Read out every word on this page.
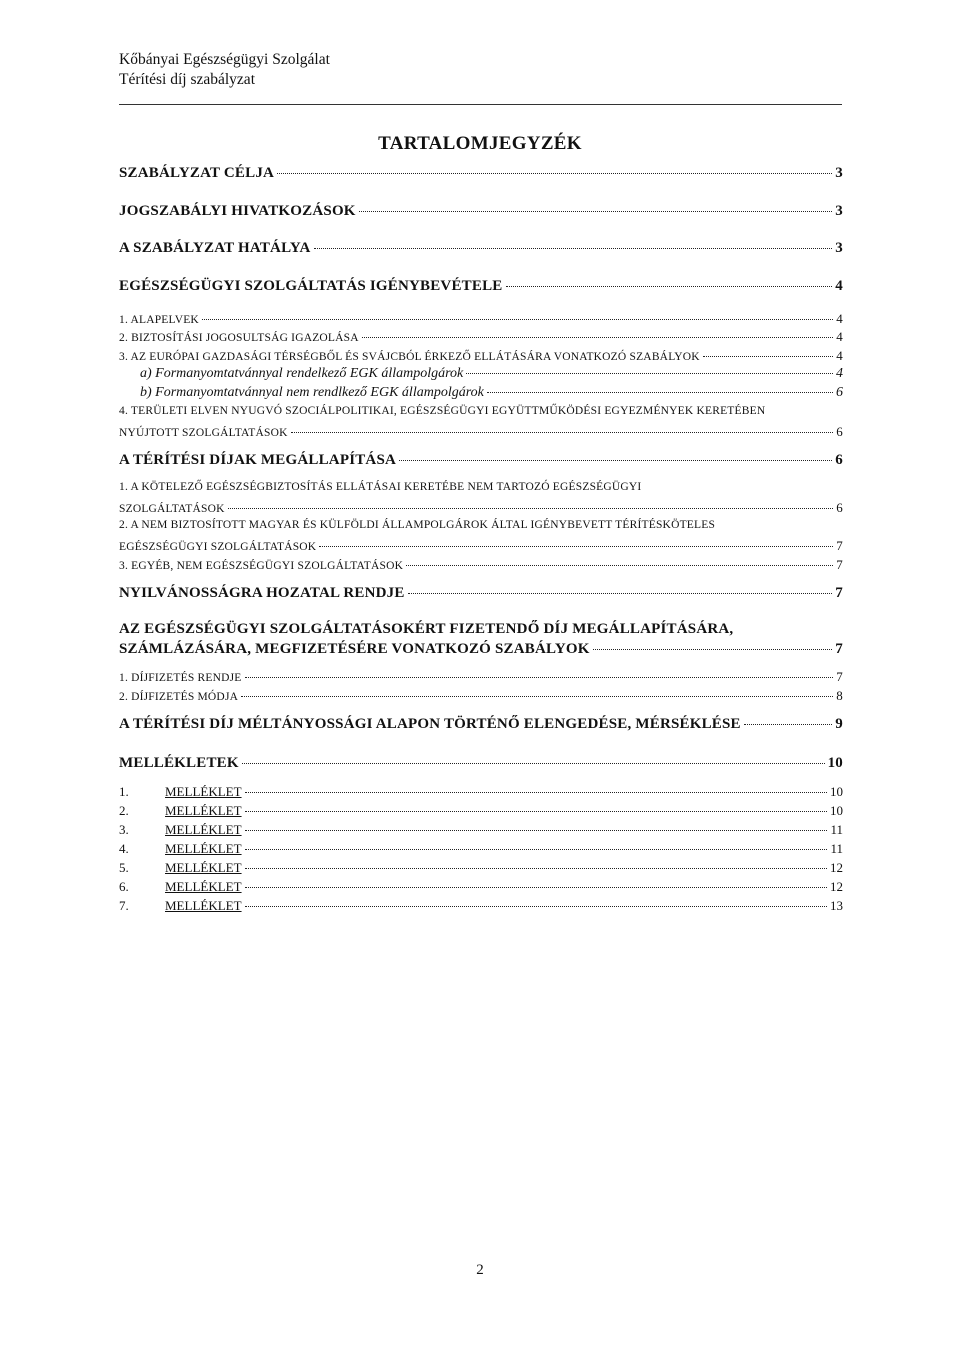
Kőbányai Egészségügyi Szolgálat
Térítési díj szabályzat
TARTALOMJEGYZÉK
SZABÁLYZAT CÉLJA	3
JOGSZABÁLYI HIVATKOZÁSOK	3
A SZABÁLYZAT HATÁLYA	3
EGÉSZSÉGÜGYI SZOLGÁLTATÁS IGÉNYBEVÉTELE	4
1. ALAPELVEK	4
2. BIZTOSÍTÁSI JOGOSULTSÁG IGAZOLÁSA	4
3. AZ EURÓPAI GAZDASÁGI TÉRSÉGBŐL ÉS SVÁJCBÓL ÉRKEZŐ ELLÁTÁSÁRA VONATKOZÓ SZABÁLYOK	4
a) Formanyomtatvánnyal rendelkező EGK állampolgárok	4
b) Formanyomtatvánnyal nem rendlkező EGK állampolgárok	6
4. TERÜLETI ELVEN NYUGVÓ SZOCIÁLPOLITIKAI, EGÉSZSÉGÜGYI EGYÜTTMŰKÖDÉSI EGYEZMÉNYEK KERETÉBEN
NYÚJTOTT SZOLGÁLTATÁSOK	6
A TÉRÍTÉSI DÍJAK MEGÁLLAPÍTÁSA	6
1. A KÖTELEZŐ EGÉSZSÉGBIZTOSÍTÁS ELLÁTÁSAI KERETÉBE NEM TARTOZÓ EGÉSZSÉGÜGYI
SZOLGÁLTATÁSOK	6
2. A NEM BIZTOSÍTOTT MAGYAR ÉS KÜLFÖLDI ÁLLAMPOLGÁROK ÁLTAL IGÉNYBEVETT TÉRÍTÉSKÖTELES
EGÉSZSÉGÜGYI SZOLGÁLTATÁSOK	7
3. EGYÉB, NEM EGÉSZSÉGÜGYI SZOLGÁLTATÁSOK	7
NYILVÁNOSSÁGRA HOZATAL RENDJE	7
AZ EGÉSZSÉGÜGYI SZOLGÁLTATÁSOKÉRT FIZETENDŐ DÍJ MEGÁLLAPÍTÁSÁRA,
SZÁMLÁZÁSÁRA, MEGFIZETÉSÉRE VONATKOZÓ SZABÁLYOK	7
1. DÍJFIZETÉS RENDJE	7
2. DÍJFIZETÉS MÓDJA	8
A TÉRÍTÉSI DÍJ MÉLTÁNYOSSÁGI ALAPON TÖRTÉNŐ ELENGEDÉSE, MÉRSÉKLÉSE	9
MELLÉKLETEK	10
1.	MELLÉKLET	10
2.	MELLÉKLET	10
3.	MELLÉKLET	11
4.	MELLÉKLET	11
5.	MELLÉKLET	12
6.	MELLÉKLET	12
7.	MELLÉKLET	13
2
